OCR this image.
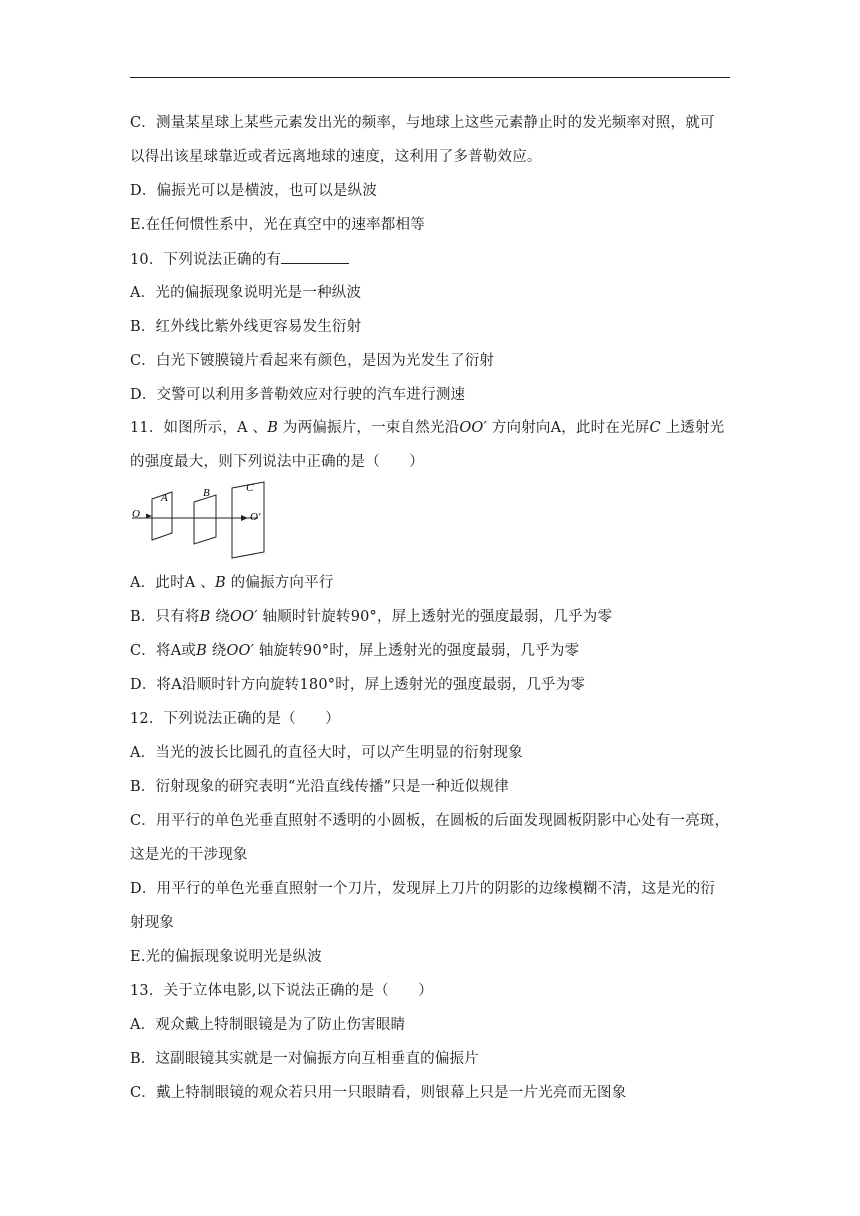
C．测量某星球上某些元素发出光的频率，与地球上这些元素静止时的发光频率对照，就可
以得出该星球靠近或者远离地球的速度，这利用了多普勒效应。
D．偏振光可以是横波，也可以是纵波
E.在任何惯性系中，光在真空中的速率都相等
10．下列说法正确的有
A．光的偏振现象说明光是一种纵波
B．红外线比紫外线更容易发生衍射
C．白光下镀膜镜片看起来有颜色，是因为光发生了衍射
D．交警可以利用多普勒效应对行驶的汽车进行测速
11．如图所示，A 、B 为两偏振片，一束自然光沿OO′ 方向射向A，此时在光屏C 上透射光
的强度最大，则下列说法中正确的是（　　）
O
A	B	C
O′
A．此时A 、B 的偏振方向平行
B．只有将B 绕OO′ 轴顺时针旋转90°，屏上透射光的强度最弱，几乎为零
C．将A或B 绕OO′ 轴旋转90°时，屏上透射光的强度最弱，几乎为零
D．将A沿顺时针方向旋转180°时，屏上透射光的强度最弱，几乎为零
12．下列说法正确的是（　　）
A．当光的波长比圆孔的直径大时，可以产生明显的衍射现象
B．衍射现象的研究表明“光沿直线传播”只是一种近似规律
C．用平行的单色光垂直照射不透明的小圆板，在圆板的后面发现圆板阴影中心处有一亮斑，
这是光的干涉现象
D．用平行的单色光垂直照射一个刀片，发现屏上刀片的阴影的边缘模糊不清，这是光的衍
射现象
E.光的偏振现象说明光是纵波
13．关于立体电影,以下说法正确的是（　　）
A．观众戴上特制眼镜是为了防止伤害眼睛
B．这副眼镜其实就是一对偏振方向互相垂直的偏振片
C．戴上特制眼镜的观众若只用一只眼睛看，则银幕上只是一片光亮而无图象
